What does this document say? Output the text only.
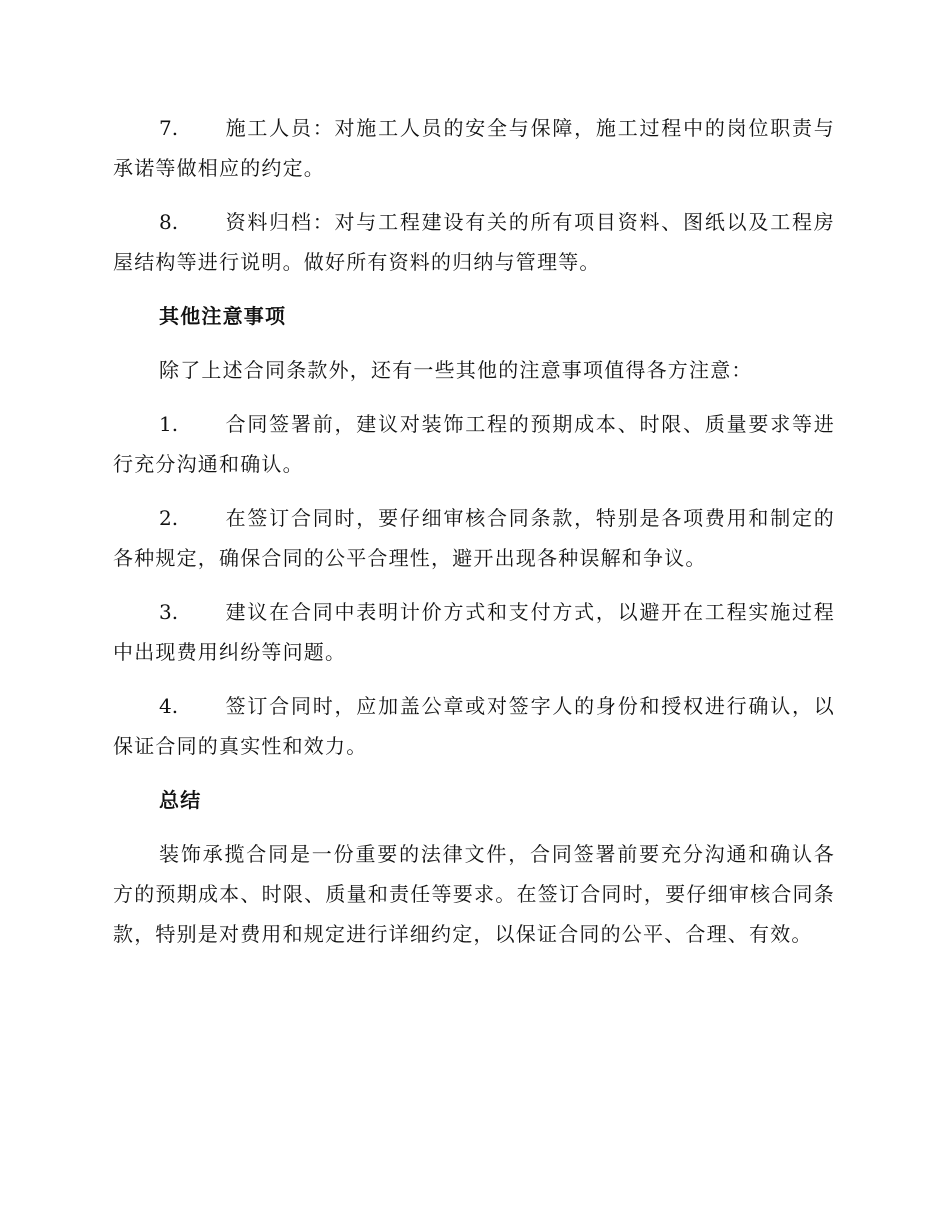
7. 施工人员：对施工人员的安全与保障，施工过程中的岗位职责与承诺等做相应的约定。

8. 资料归档：对与工程建设有关的所有项目资料、图纸以及工程房屋结构等进行说明。做好所有资料的归纳与管理等。

其他注意事项

除了上述合同条款外，还有一些其他的注意事项值得各方注意：

1. 合同签署前，建议对装饰工程的预期成本、时限、质量要求等进行充分沟通和确认。

2. 在签订合同时，要仔细审核合同条款，特别是各项费用和制定的各种规定，确保合同的公平合理性，避开出现各种误解和争议。

3. 建议在合同中表明计价方式和支付方式，以避开在工程实施过程中出现费用纠纷等问题。

4. 签订合同时，应加盖公章或对签字人的身份和授权进行确认，以保证合同的真实性和效力。

总结

装饰承揽合同是一份重要的法律文件，合同签署前要充分沟通和确认各方的预期成本、时限、质量和责任等要求。在签订合同时，要仔细审核合同条款，特别是对费用和规定进行详细约定，以保证合同的公平、合理、有效。
